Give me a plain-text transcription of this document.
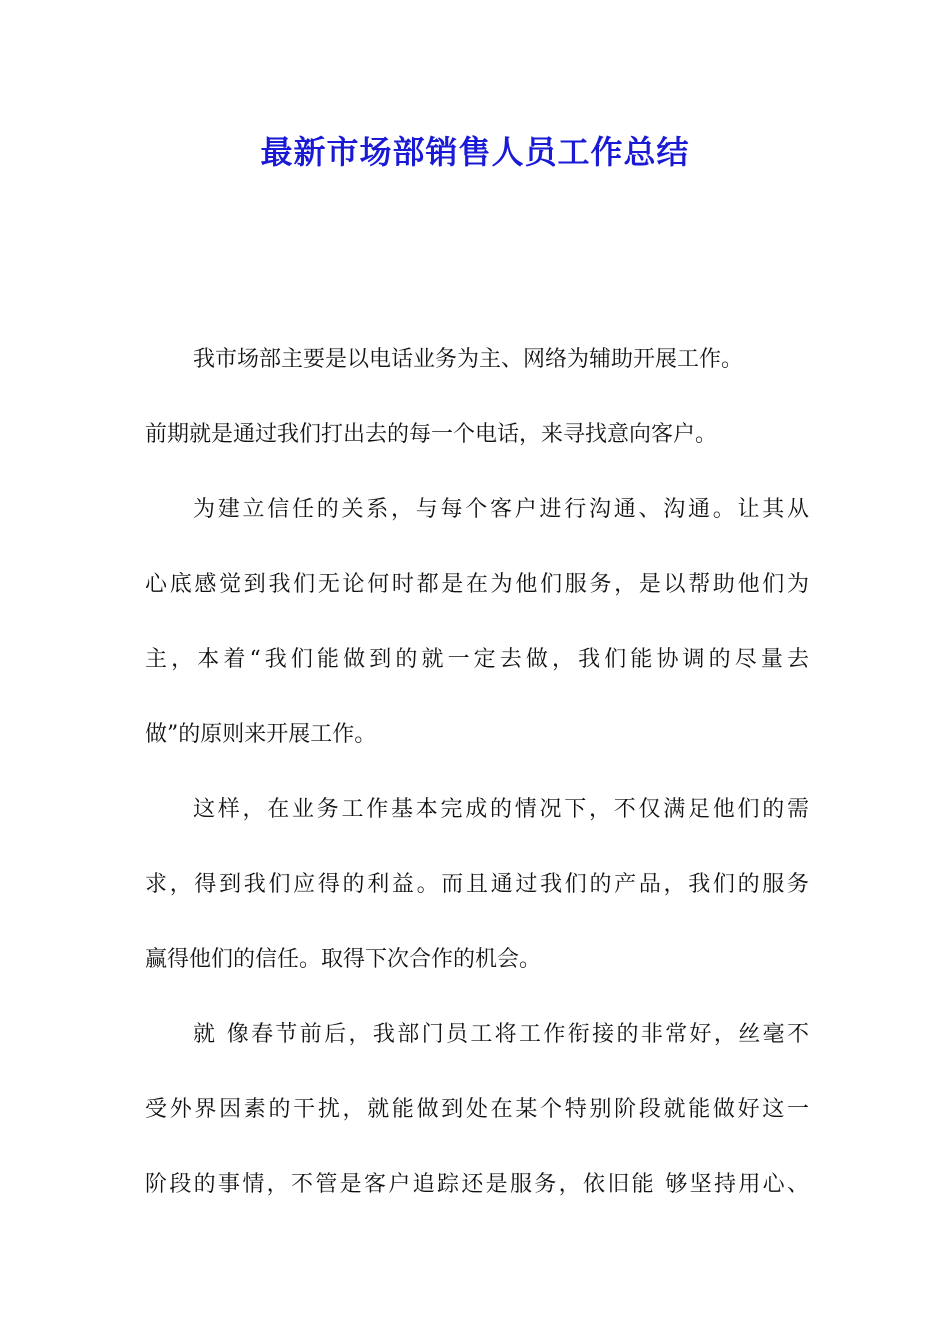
最新市场部销售人员工作总结
我市场部主要是以电话业务为主、网络为辅助开展工作。
前期就是通过我们打出去的每一个电话，来寻找意向客户。
为建立信任的关系，与每个客户进行沟通、沟通。让其从
心底感觉到我们无论何时都是在为他们服务，是以帮助他们为
主，本着“我们能做到的就一定去做，我们能协调的尽量去
做”的原则来开展工作。
这样，在业务工作基本完成的情况下，不仅满足他们的需
求，得到我们应得的利益。而且通过我们的产品，我们的服务
赢得他们的信任。取得下次合作的机会。
就 像春节前后，我部门员工将工作衔接的非常好，丝毫不
受外界因素的干扰，就能做到处在某个特别阶段就能做好这一
阶段的事情，不管是客户追踪还是服务，依旧能 够坚持用心、
